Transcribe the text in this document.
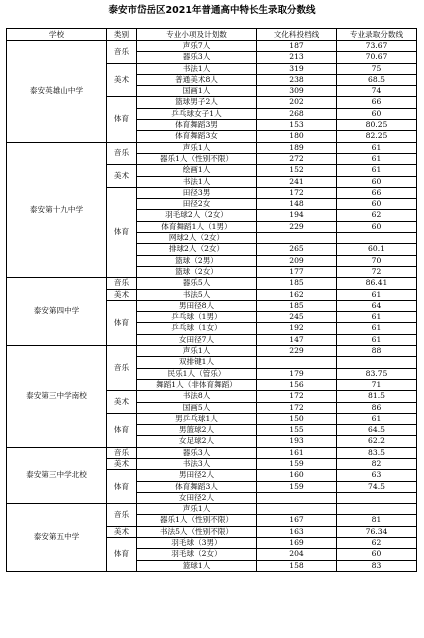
泰安市岱岳区2021年普通高中特长生录取分数线
学校	类别	专业小项及计划数	文化科投档线	专业录取分数线
泰安英雄山中学	音乐	声乐7人	187	73.67
		器乐3人	213	70.67
	美术	书法1人	319	75
		普通美术8人	238	68.5
		国画1人	309	74
	体育	篮球男子2人	202	66
		乒乓球女子1人	268	60
		体育舞蹈3男	153	80.25
		体育舞蹈3女	180	82.25
泰安第十九中学	音乐	声乐1人	189	61
		器乐1人（性别不限）	272	61
	美术	绘画1人	152	61
		书法1人	241	60
	体育	田径3男	172	66
		田径2女	148	60
		羽毛球2人（2女）	194	62
		体育舞蹈1人（1男）	229	60
		网球2人（2女）		
		排球2人（2女）	265	60.1
		篮球（2男）	209	70
		篮球（2女）	177	72
泰安第四中学	音乐	器乐5人	185	86.41
	美术	书法5人	162	61
	体育	男田径8人	185	64
		乒乓球（1男）	245	61
		乒乓球（1女）	192	61
		女田径7人	147	61
泰安第三中学南校	音乐	声乐1人	229	88
		双排键1人		
		民乐1人（管乐）	179	83.75
		舞蹈1人（非体育舞蹈）	156	71
	美术	书法8人	172	81.5
		国画5人	172	86
	体育	男乒乓球1人	150	61
		男篮球2人	155	64.5
		女足球2人	193	62.2
泰安第三中学北校	音乐	器乐3人	161	83.5
	美术	书法3人	159	82
	体育	男田径2人	160	63
		体育舞蹈3人	159	74.5
		女田径2人		
泰安第五中学	音乐	声乐1人		
		器乐1人（性别不限）	167	81
	美术	书法5人（性别不限）	163	76.34
	体育	羽毛球（3男）	169	62
		羽毛球（2女）	204	60
		篮球1人	158	83
